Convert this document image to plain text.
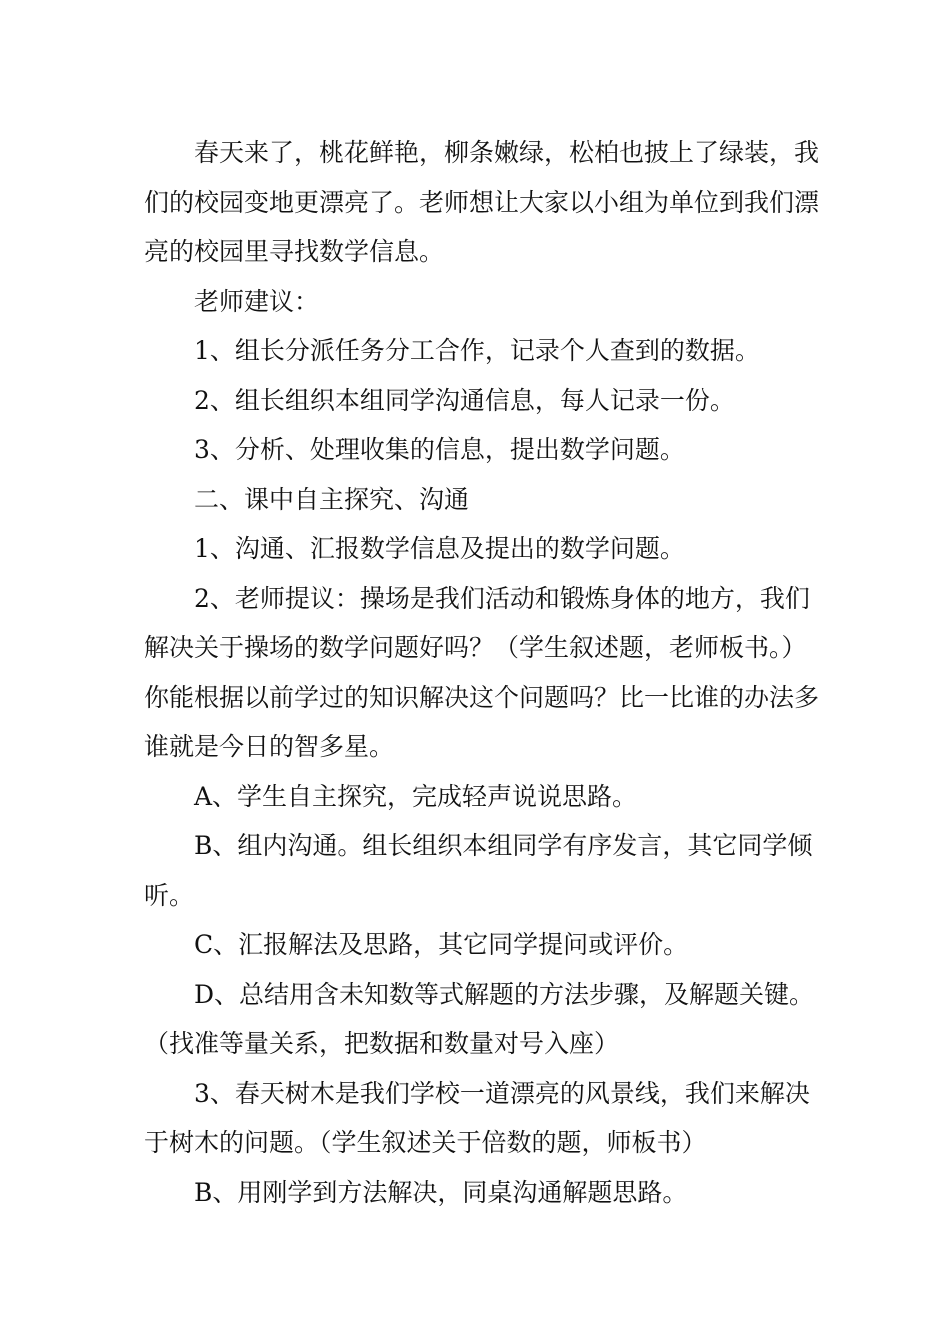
春天来了，桃花鲜艳，柳条嫩绿，松柏也披上了绿装，我们的校园变地更漂亮了。老师想让大家以小组为单位到我们漂亮的校园里寻找数学信息。

老师建议：

1、组长分派任务分工合作，记录个人查到的数据。

2、组长组织本组同学沟通信息，每人记录一份。

3、分析、处理收集的信息，提出数学问题。

二、课中自主探究、沟通

1、沟通、汇报数学信息及提出的数学问题。

2、老师提议：操场是我们活动和锻炼身体的地方，我们解决关于操场的数学问题好吗？（学生叙述题，老师板书。）你能根据以前学过的知识解决这个问题吗？比一比谁的办法多谁就是今日的智多星。

A、学生自主探究，完成轻声说说思路。

B、组内沟通。组长组织本组同学有序发言，其它同学倾听。

C、汇报解法及思路，其它同学提问或评价。

D、总结用含未知数等式解题的方法步骤，及解题关键。（找准等量关系，把数据和数量对号入座）

3、春天树木是我们学校一道漂亮的风景线，我们来解决于树木的问题。（学生叙述关于倍数的题，师板书）

B、用刚学到方法解决，同桌沟通解题思路。
